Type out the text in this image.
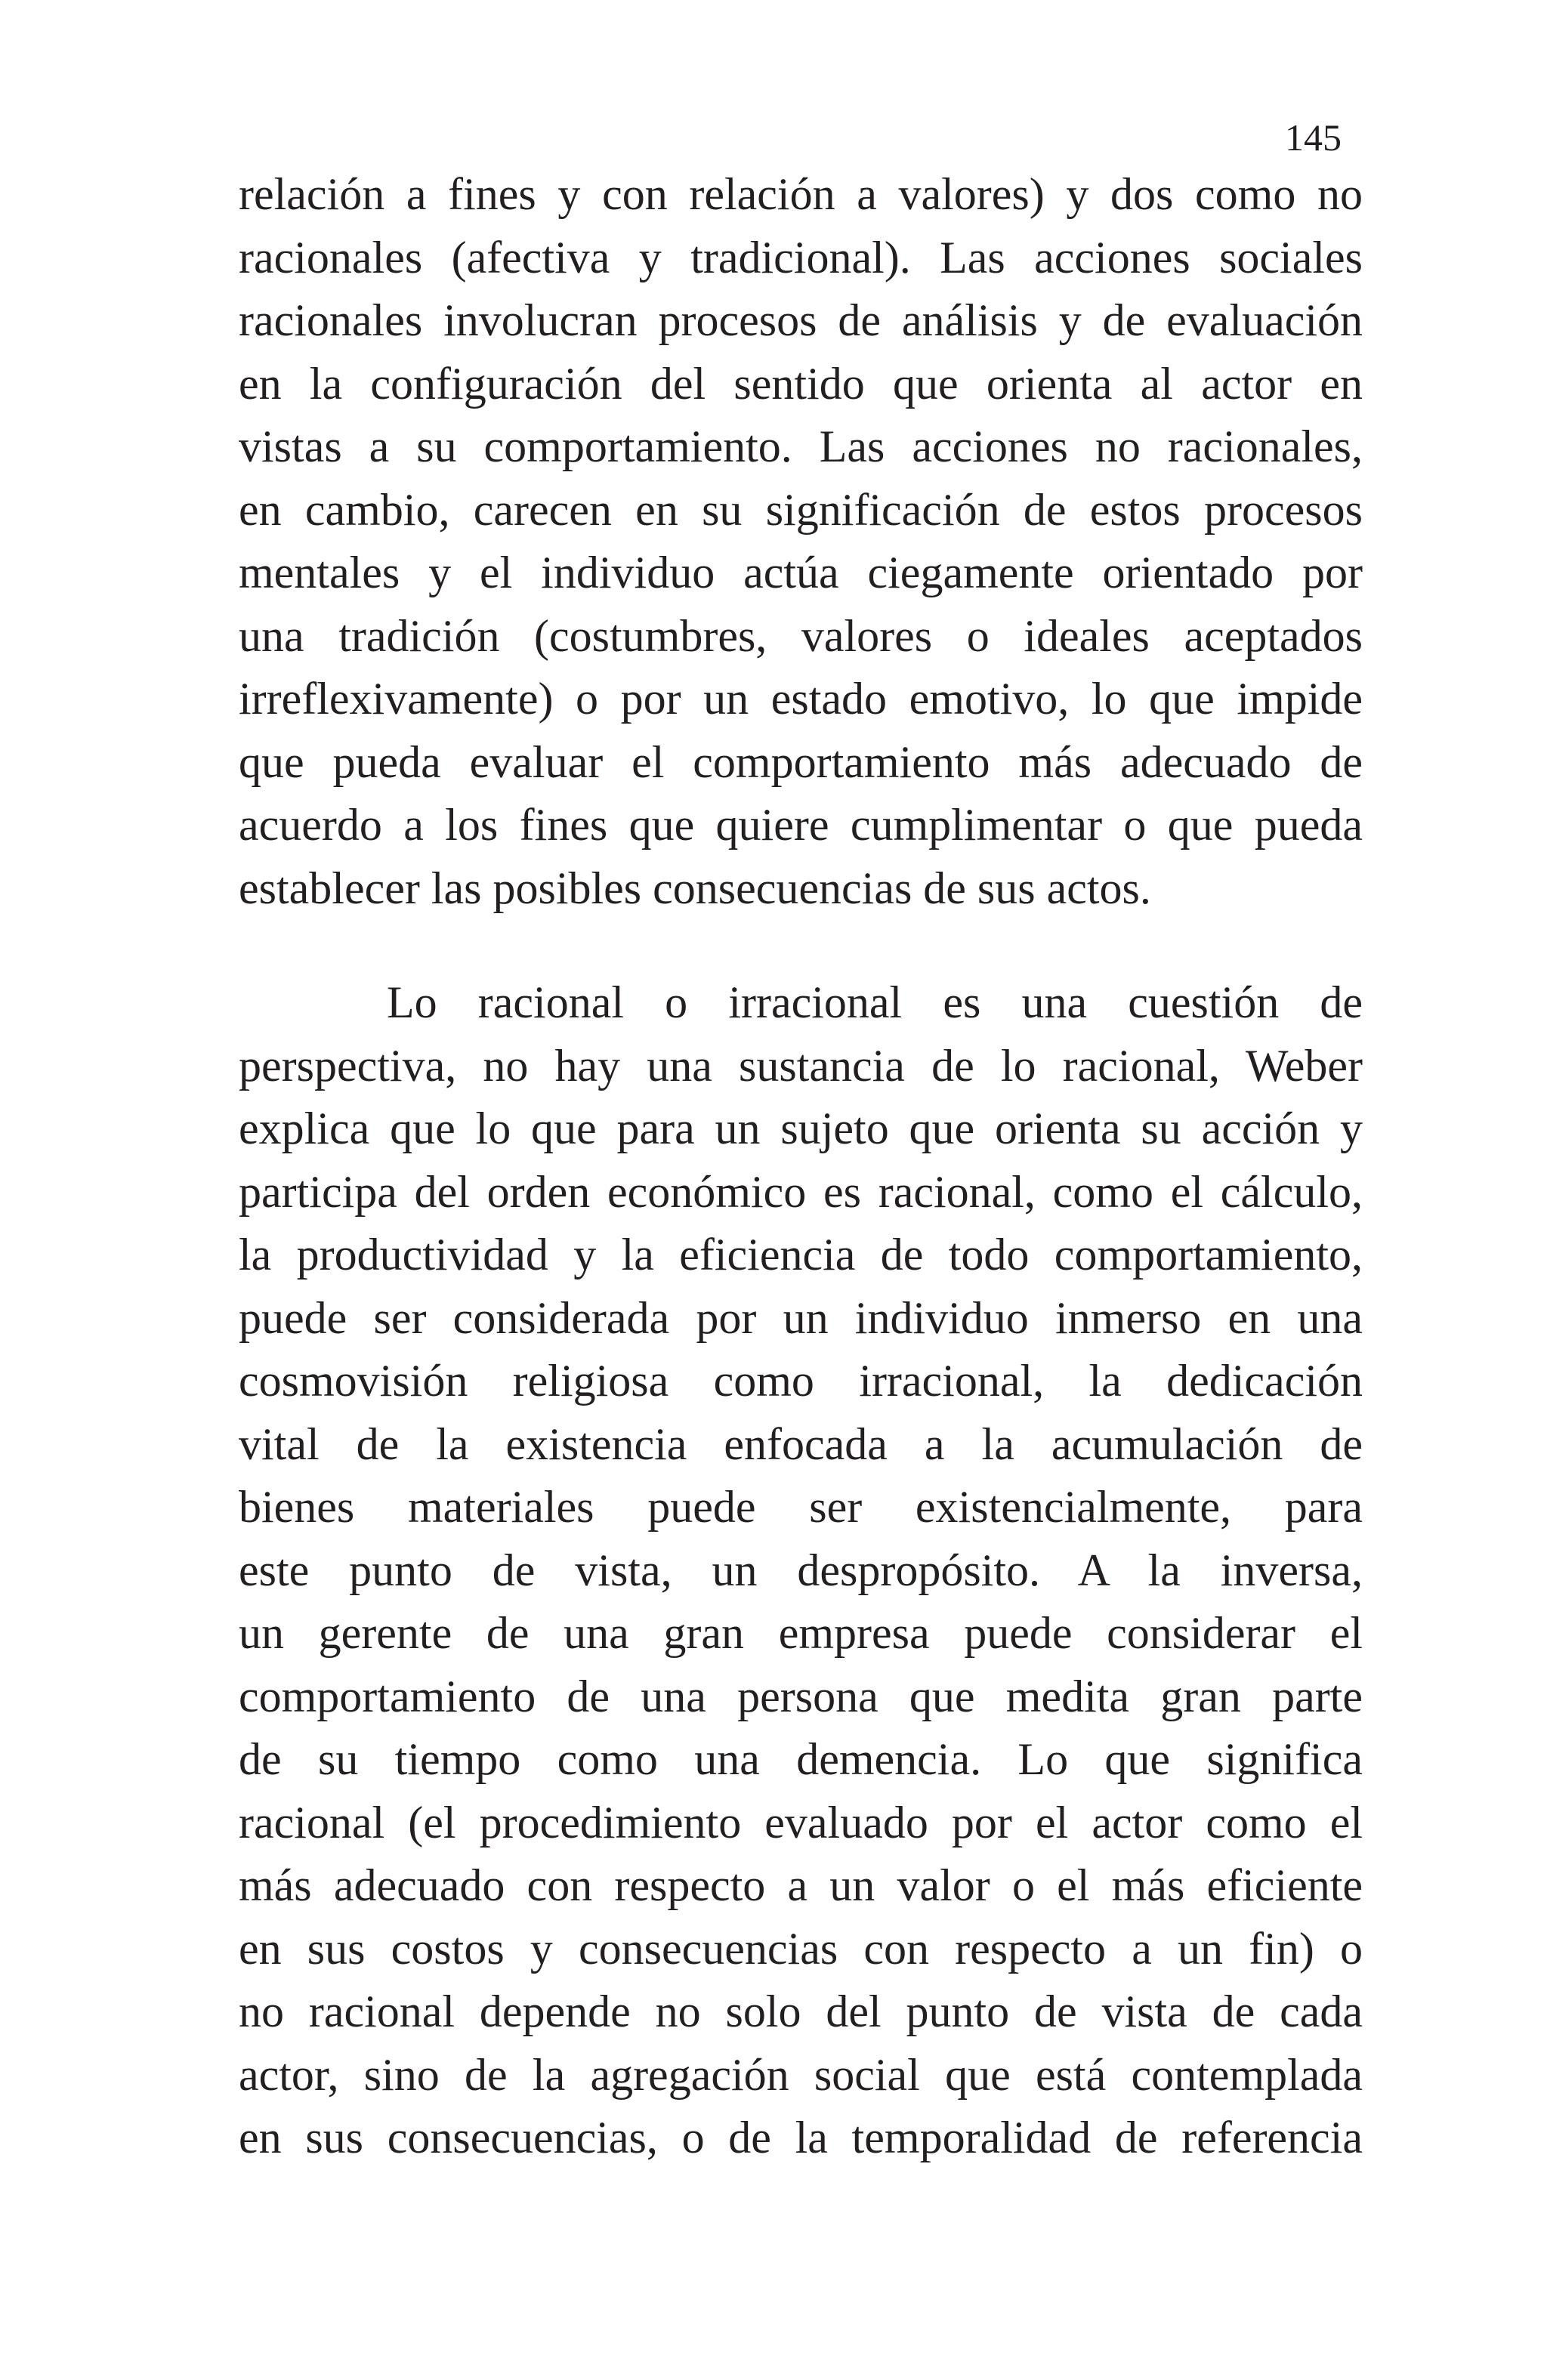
145
relación a fines y con relación a valores) y dos como no
racionales (afectiva y tradicional). Las acciones sociales
racionales involucran procesos de análisis y de evaluación
en la configuración del sentido que orienta al actor en
vistas a su comportamiento. Las acciones no racionales,
en cambio, carecen en su significación de estos procesos
mentales y el individuo actúa ciegamente orientado por
una tradición (costumbres, valores o ideales aceptados
irreflexivamente) o por un estado emotivo, lo que impide
que pueda evaluar el comportamiento más adecuado de
acuerdo a los fines que quiere cumplimentar o que pueda
establecer las posibles consecuencias de sus actos.
Lo racional o irracional es una cuestión de
perspectiva, no hay una sustancia de lo racional, Weber
explica que lo que para un sujeto que orienta su acción y
participa del orden económico es racional, como el cálculo,
la productividad y la eficiencia de todo comportamiento,
puede ser considerada por un individuo inmerso en una
cosmovisión religiosa como irracional, la dedicación
vital de la existencia enfocada a la acumulación de
bienes materiales puede ser existencialmente, para
este punto de vista, un despropósito. A la inversa,
un gerente de una gran empresa puede considerar el
comportamiento de una persona que medita gran parte
de su tiempo como una demencia. Lo que significa
racional (el procedimiento evaluado por el actor como el
más adecuado con respecto a un valor o el más eficiente
en sus costos y consecuencias con respecto a un fin) o
no racional depende no solo del punto de vista de cada
actor, sino de la agregación social que está contemplada
en sus consecuencias, o de la temporalidad de referencia
